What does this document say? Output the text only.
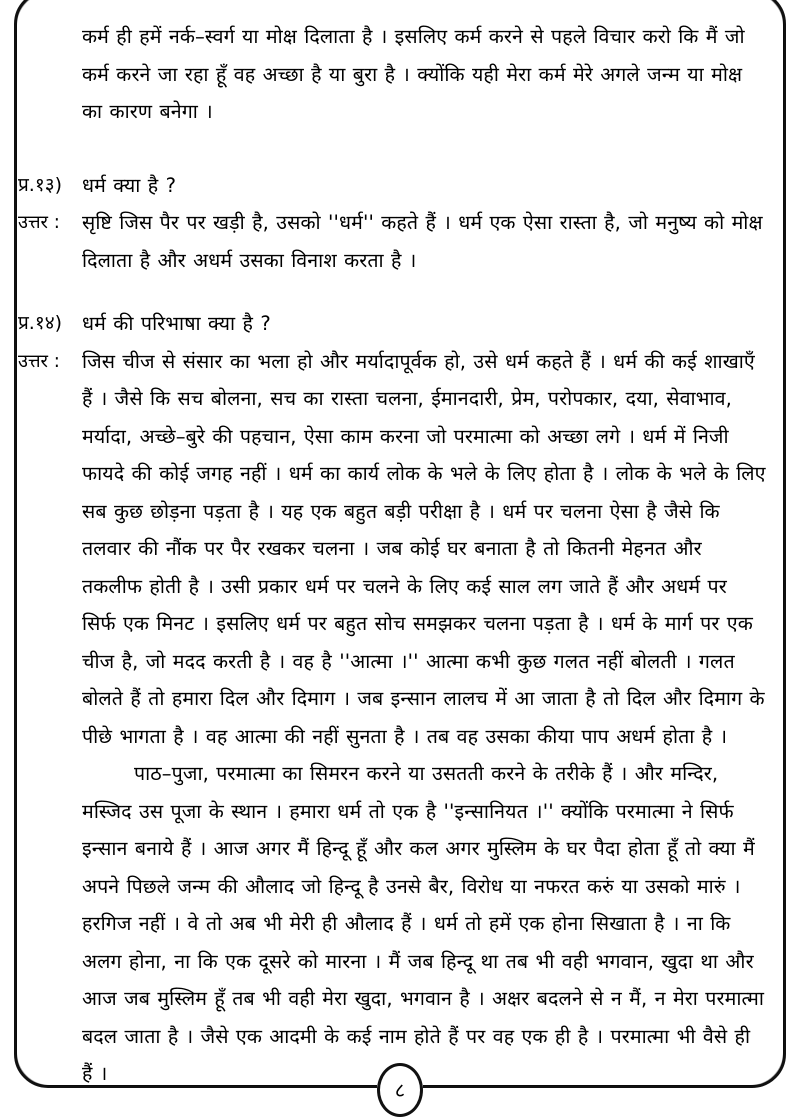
कर्म ही हमें नर्क–स्वर्ग या मोक्ष दिलाता है । इसलिए कर्म करने से पहले विचार करो कि मैं जो कर्म करने जा रहा हूँ वह अच्छा है या बुरा है । क्योंकि यही मेरा कर्म मेरे अगले जन्म या मोक्ष का कारण बनेगा ।

प्र.१३)	धर्म क्या है ?
उत्तर :	सृष्टि जिस पैर पर खड़ी है, उसको ''धर्म'' कहते हैं । धर्म एक ऐसा रास्ता है, जो मनुष्य को मोक्ष दिलाता है और अधर्म उसका विनाश करता है ।
प्र.१४)	धर्म की परिभाषा क्या है ?
उत्तर :	जिस चीज से संसार का भला हो और मर्यादापूर्वक हो, उसे धर्म कहते हैं । धर्म की कई शाखाएँ हैं । जैसे कि सच बोलना, सच का रास्ता चलना, ईमानदारी, प्रेम, परोपकार, दया, सेवाभाव, मर्यादा, अच्छे–बुरे की पहचान, ऐसा काम करना जो परमात्मा को अच्छा लगे । धर्म में निजी फायदे की कोई जगह नहीं । धर्म का कार्य लोक के भले के लिए होता है । लोक के भले के लिए सब कुछ छोड़ना पड़ता है । यह एक बहुत बड़ी परीक्षा है । धर्म पर चलना ऐसा है जैसे कि तलवार की नौंक पर पैर रखकर चलना । जब कोई घर बनाता है तो कितनी मेहनत और तकलीफ होती है । उसी प्रकार धर्म पर चलने के लिए कई साल लग जाते हैं और अधर्म पर सिर्फ एक मिनट । इसलिए धर्म पर बहुत सोच समझकर चलना पड़ता है । धर्म के मार्ग पर एक चीज है, जो मदद करती है । वह है ''आत्मा ।'' आत्मा कभी कुछ गलत नहीं बोलती । गलत बोलते हैं तो हमारा दिल और दिमाग । जब इन्सान लालच में आ जाता है तो दिल और दिमाग के पीछे भागता है । वह आत्मा की नहीं सुनता है । तब वह उसका कीया पाप अधर्म होता है ।

पाठ–पुजा, परमात्मा का सिमरन करने या उसतती करने के तरीके हैं । और मन्दिर, मस्जिद उस पूजा के स्थान । हमारा धर्म तो एक है ''इन्सानियत ।'' क्योंकि परमात्मा ने सिर्फ इन्सान बनाये हैं । आज अगर मैं हिन्दू हूँ और कल अगर मुस्लिम के घर पैदा होता हूँ तो क्या मैं अपने पिछले जन्म की औलाद जो हिन्दू है उनसे बैर, विरोध या नफरत करुं या उसको मारुं । हरगिज नहीं । वे तो अब भी मेरी ही औलाद हैं । धर्म तो हमें एक होना सिखाता है । ना कि अलग होना, ना कि एक दूसरे को मारना । मैं जब हिन्दू था तब भी वही भगवान, खुदा था और आज जब मुस्लिम हूँ तब भी वही मेरा खुदा, भगवान है । अक्षर बदलने से न मैं, न मेरा परमात्मा बदल जाता है । जैसे एक आदमी के कई नाम होते हैं पर वह एक ही है । परमात्मा भी वैसे ही हैं ।

८
